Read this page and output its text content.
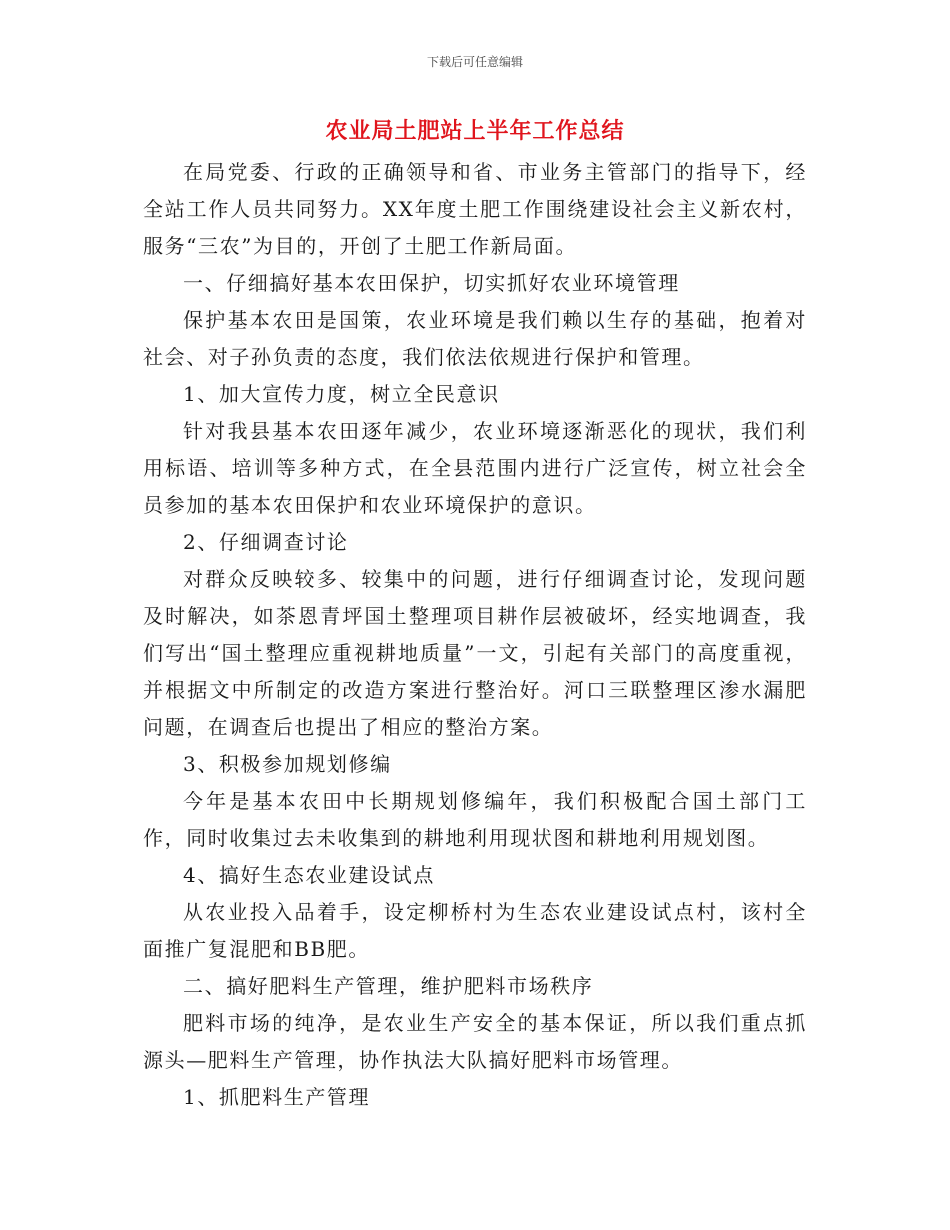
下载后可任意编辑
农业局土肥站上半年工作总结

在局党委、行政的正确领导和省、市业务主管部门的指导下，经全站工作人员共同努力。XX年度土肥工作围绕建设社会主义新农村，服务“三农”为目的，开创了土肥工作新局面。

一、仔细搞好基本农田保护，切实抓好农业环境管理

保护基本农田是国策，农业环境是我们赖以生存的基础，抱着对社会、对子孙负责的态度，我们依法依规进行保护和管理。

1、加大宣传力度，树立全民意识

针对我县基本农田逐年减少，农业环境逐渐恶化的现状，我们利用标语、培训等多种方式，在全县范围内进行广泛宣传，树立社会全员参加的基本农田保护和农业环境保护的意识。

2、仔细调查讨论

对群众反映较多、较集中的问题，进行仔细调查讨论，发现问题及时解决，如茶恩青坪国土整理项目耕作层被破坏，经实地调查，我们写出“国土整理应重视耕地质量”一文，引起有关部门的高度重视，并根据文中所制定的改造方案进行整治好。河口三联整理区渗水漏肥问题，在调查后也提出了相应的整治方案。

3、积极参加规划修编

今年是基本农田中长期规划修编年，我们积极配合国土部门工作，同时收集过去未收集到的耕地利用现状图和耕地利用规划图。

4、搞好生态农业建设试点

从农业投入品着手，设定柳桥村为生态农业建设试点村，该村全面推广复混肥和BB肥。

二、搞好肥料生产管理，维护肥料市场秩序

肥料市场的纯净，是农业生产安全的基本保证，所以我们重点抓源头—肥料生产管理，协作执法大队搞好肥料市场管理。

1、抓肥料生产管理
